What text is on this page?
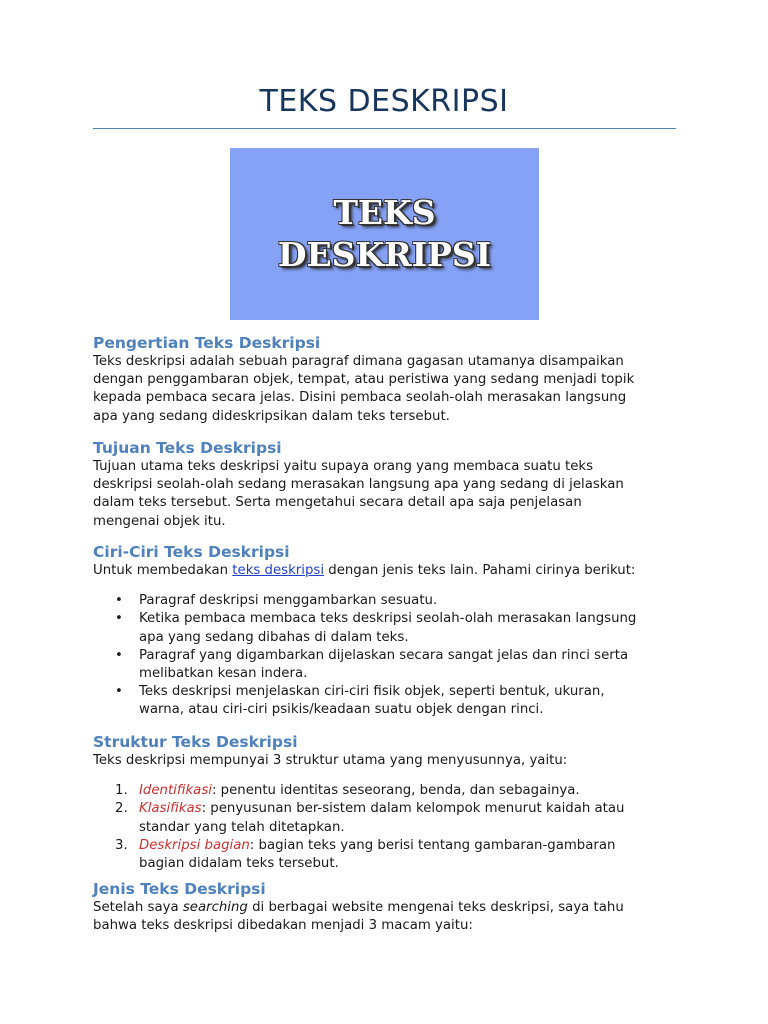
TEKS DESKRIPSI
TEKS
DESKRIPSI
Pengertian Teks Deskripsi
Teks deskripsi adalah sebuah paragraf dimana gagasan utamanya disampaikan
dengan penggambaran objek, tempat, atau peristiwa yang sedang menjadi topik
kepada pembaca secara jelas. Disini pembaca seolah-olah merasakan langsung
apa yang sedang dideskripsikan dalam teks tersebut.
Tujuan Teks Deskripsi
Tujuan utama teks deskripsi yaitu supaya orang yang membaca suatu teks
deskripsi seolah-olah sedang merasakan langsung apa yang sedang di jelaskan
dalam teks tersebut. Serta mengetahui secara detail apa saja penjelasan
mengenai objek itu.
Ciri-Ciri Teks Deskripsi
Untuk membedakan teks deskripsi dengan jenis teks lain. Pahami cirinya berikut:
• Paragraf deskripsi menggambarkan sesuatu.
• Ketika pembaca membaca teks deskripsi seolah-olah merasakan langsung
apa yang sedang dibahas di dalam teks.
• Paragraf yang digambarkan dijelaskan secara sangat jelas dan rinci serta
melibatkan kesan indera.
• Teks deskripsi menjelaskan ciri-ciri fisik objek, seperti bentuk, ukuran,
warna, atau ciri-ciri psikis/keadaan suatu objek dengan rinci.
Struktur Teks Deskripsi
Teks deskripsi mempunyai 3 struktur utama yang menyusunnya, yaitu:
1. Identifikasi: penentu identitas seseorang, benda, dan sebagainya.
2. Klasifikas: penyusunan ber-sistem dalam kelompok menurut kaidah atau
standar yang telah ditetapkan.
3. Deskripsi bagian: bagian teks yang berisi tentang gambaran-gambaran
bagian didalam teks tersebut.
Jenis Teks Deskripsi
Setelah saya searching di berbagai website mengenai teks deskripsi, saya tahu
bahwa teks deskripsi dibedakan menjadi 3 macam yaitu:
